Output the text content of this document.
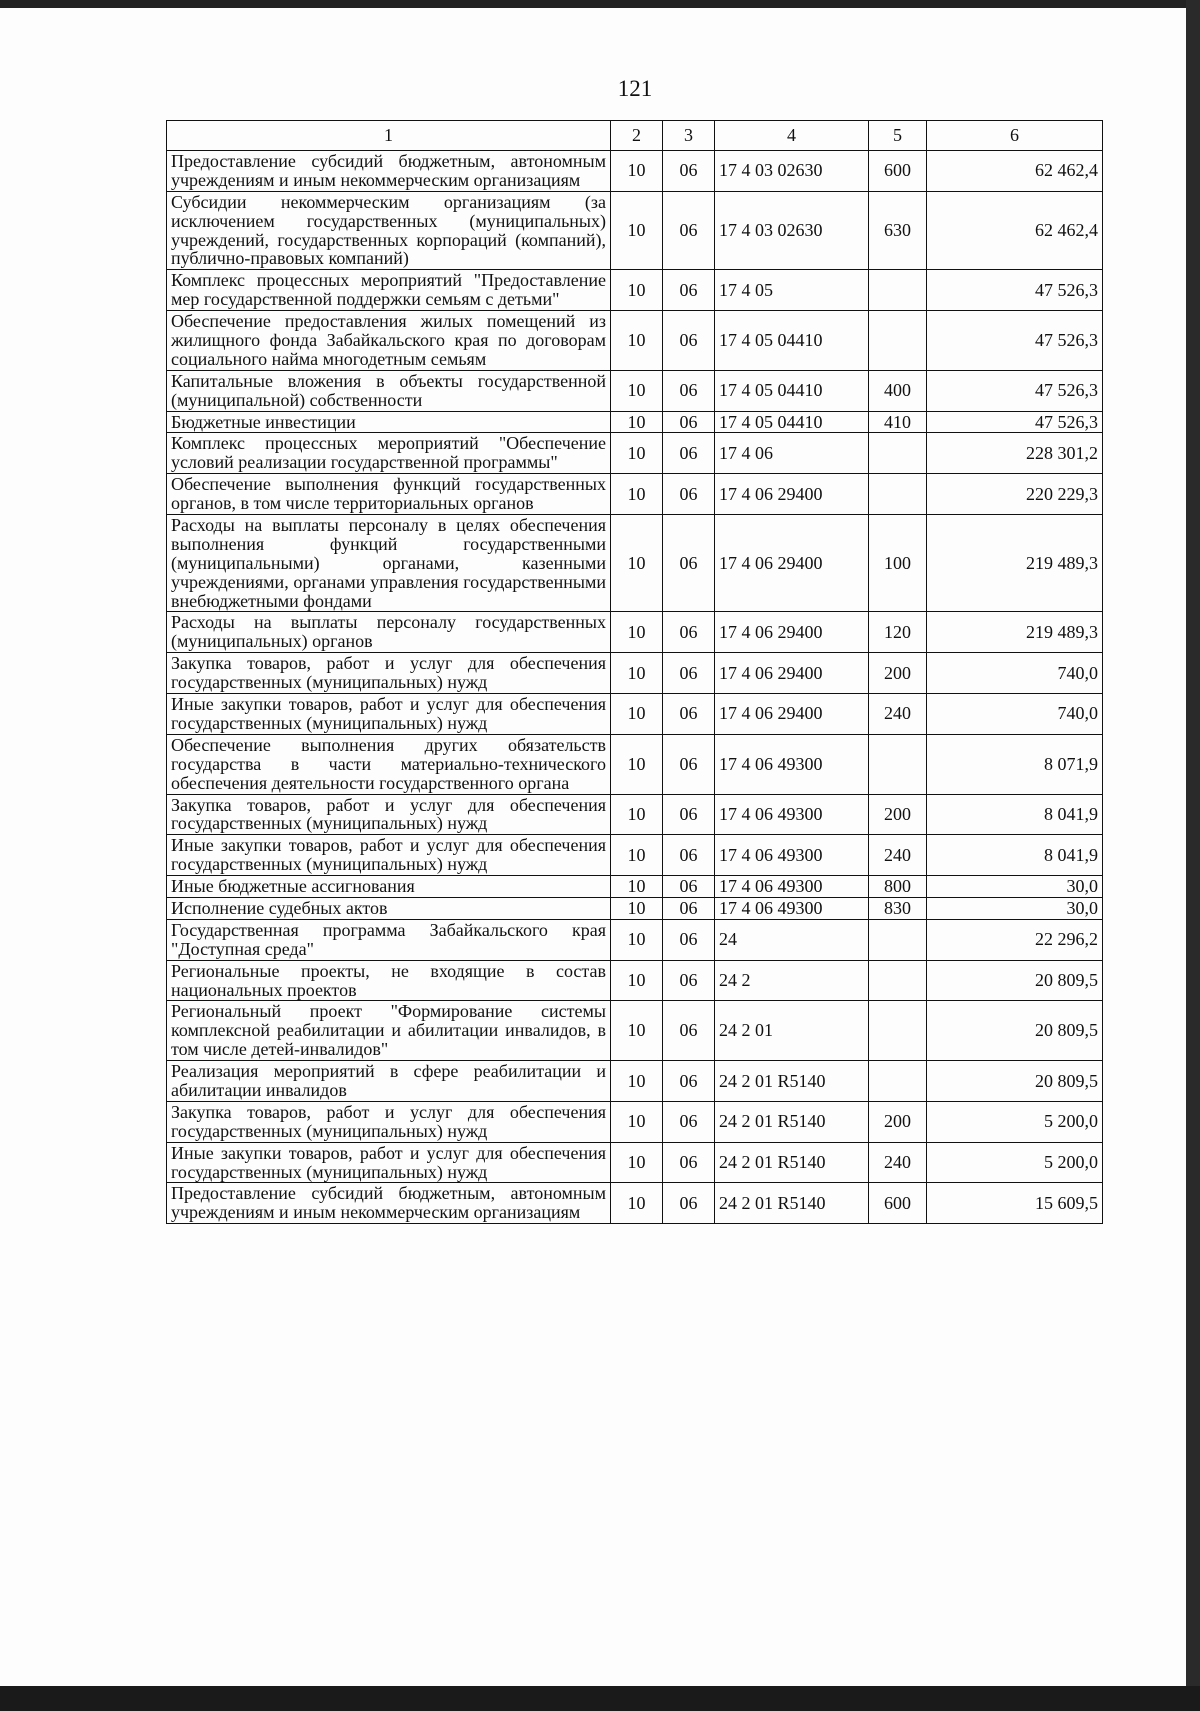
121
1	2	3	4	5	6
Предоставление субсидий бюджетным, автономным учреждениям и иным некоммерческим организациям	10	06	17 4 03 02630	600	62 462,4
Субсидии некоммерческим организациям (за исключением государственных (муниципальных) учреждений, государственных корпораций (компаний), публично-правовых компаний)	10	06	17 4 03 02630	630	62 462,4
Комплекс процессных мероприятий "Предоставление мер государственной поддержки семьям с детьми"	10	06	17 4 05		47 526,3
Обеспечение предоставления жилых помещений из жилищного фонда Забайкальского края по договорам социального найма многодетным семьям	10	06	17 4 05 04410		47 526,3
Капитальные вложения в объекты государственной (муниципальной) собственности	10	06	17 4 05 04410	400	47 526,3
Бюджетные инвестиции	10	06	17 4 05 04410	410	47 526,3
Комплекс процессных мероприятий "Обеспечение условий реализации государственной программы"	10	06	17 4 06		228 301,2
Обеспечение выполнения функций государственных органов, в том числе территориальных органов	10	06	17 4 06 29400		220 229,3
Расходы на выплаты персоналу в целях обеспечения выполнения функций государственными (муниципальными) органами, казенными учреждениями, органами управления государственными внебюджетными фондами	10	06	17 4 06 29400	100	219 489,3
Расходы на выплаты персоналу государственных (муниципальных) органов	10	06	17 4 06 29400	120	219 489,3
Закупка товаров, работ и услуг для обеспечения государственных (муниципальных) нужд	10	06	17 4 06 29400	200	740,0
Иные закупки товаров, работ и услуг для обеспечения государственных (муниципальных) нужд	10	06	17 4 06 29400	240	740,0
Обеспечение выполнения других обязательств государства в части материально-технического обеспечения деятельности государственного органа	10	06	17 4 06 49300		8 071,9
Закупка товаров, работ и услуг для обеспечения государственных (муниципальных) нужд	10	06	17 4 06 49300	200	8 041,9
Иные закупки товаров, работ и услуг для обеспечения государственных (муниципальных) нужд	10	06	17 4 06 49300	240	8 041,9
Иные бюджетные ассигнования	10	06	17 4 06 49300	800	30,0
Исполнение судебных актов	10	06	17 4 06 49300	830	30,0
Государственная программа Забайкальского края "Доступная среда"	10	06	24		22 296,2
Региональные проекты, не входящие в состав национальных проектов	10	06	24 2		20 809,5
Региональный проект "Формирование системы комплексной реабилитации и абилитации инвалидов, в том числе детей-инвалидов"	10	06	24 2 01		20 809,5
Реализация мероприятий в сфере реабилитации и абилитации инвалидов	10	06	24 2 01 R5140		20 809,5
Закупка товаров, работ и услуг для обеспечения государственных (муниципальных) нужд	10	06	24 2 01 R5140	200	5 200,0
Иные закупки товаров, работ и услуг для обеспечения государственных (муниципальных) нужд	10	06	24 2 01 R5140	240	5 200,0
Предоставление субсидий бюджетным, автономным учреждениям и иным некоммерческим организациям	10	06	24 2 01 R5140	600	15 609,5
